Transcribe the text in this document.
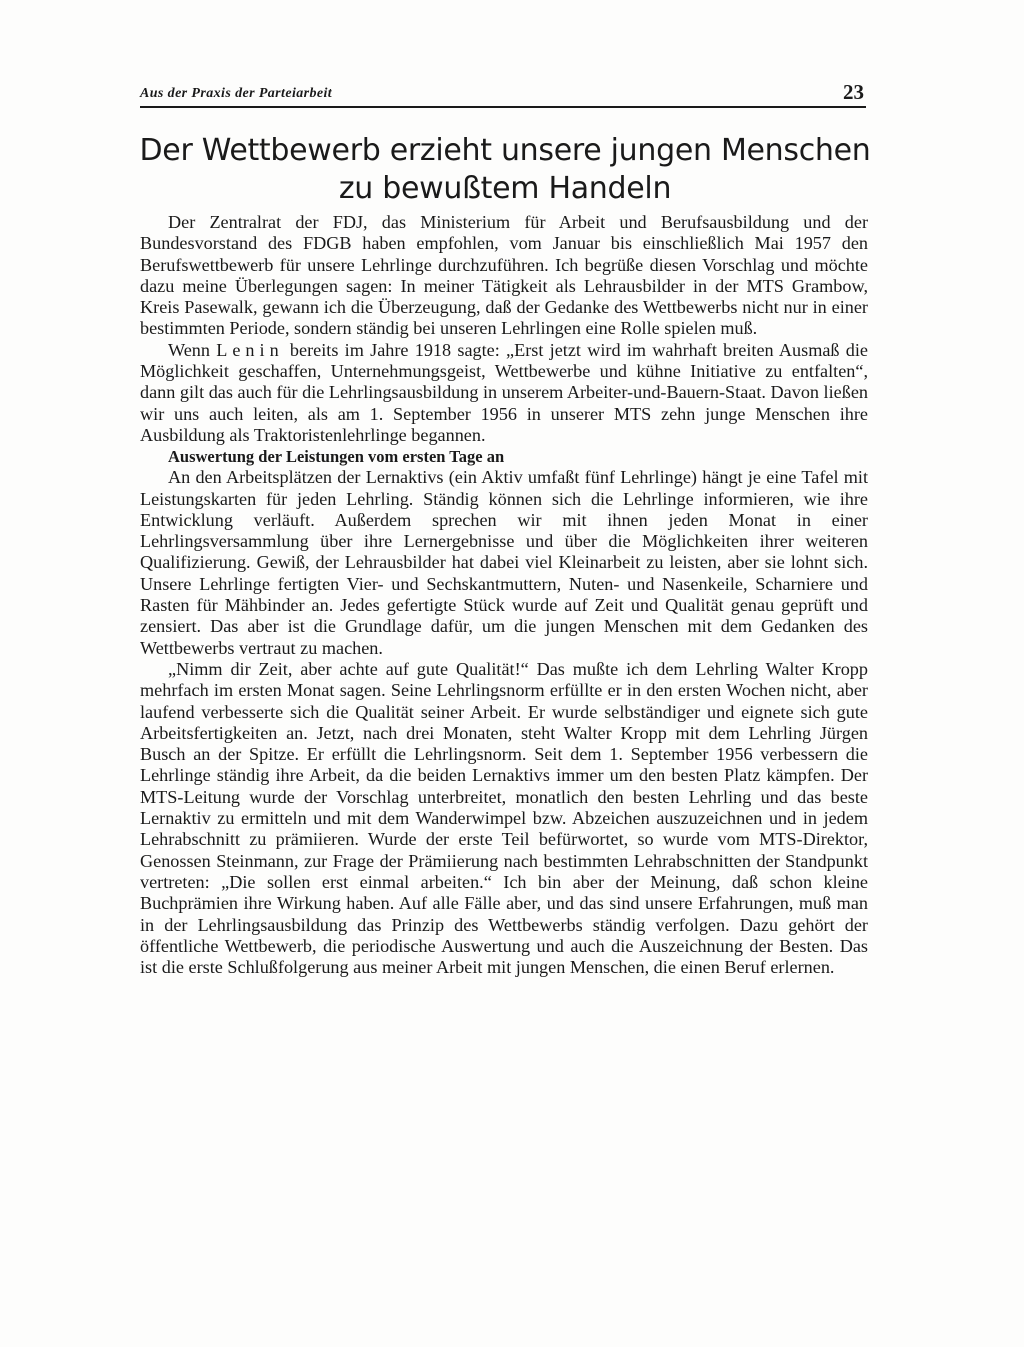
Aus der Praxis der Parteiarbeit	23
Der Wettbewerb erzieht unsere jungen Menschen
zu bewußtem Handeln

Der Zentralrat der FDJ, das Ministerium für Arbeit und Berufsausbildung und der Bundesvorstand des FDGB haben empfohlen, vom Januar bis einschließlich Mai 1957 den Berufswettbewerb für unsere Lehrlinge durchzuführen. Ich begrüße diesen Vorschlag und möchte dazu meine Überlegungen sagen: In meiner Tätigkeit als Lehrausbilder in der MTS Grambow, Kreis Pasewalk, gewann ich die Überzeugung, daß der Gedanke des Wettbewerbs nicht nur in einer bestimmten Periode, sondern ständig bei unseren Lehrlingen eine Rolle spielen muß.

Wenn Lenin bereits im Jahre 1918 sagte: „Erst jetzt wird im wahrhaft breiten Ausmaß die Möglichkeit geschaffen, Unternehmungsgeist, Wettbewerbe und kühne Initiative zu entfalten“, dann gilt das auch für die Lehrlingsausbildung in unserem Arbeiter-und-Bauern-Staat. Davon ließen wir uns auch leiten, als am 1. September 1956 in unserer MTS zehn junge Menschen ihre Ausbildung als Traktoristenlehrlinge begannen.

Auswertung der Leistungen vom ersten Tage an

An den Arbeitsplätzen der Lernaktivs (ein Aktiv umfaßt fünf Lehrlinge) hängt je eine Tafel mit Leistungskarten für jeden Lehrling. Ständig können sich die Lehrlinge informieren, wie ihre Entwicklung verläuft. Außerdem sprechen wir mit ihnen jeden Monat in einer Lehrlingsversammlung über ihre Lernergebnisse und über die Möglichkeiten ihrer weiteren Qualifizierung. Gewiß, der Lehrausbilder hat dabei viel Kleinarbeit zu leisten, aber sie lohnt sich. Unsere Lehrlinge fertigten Vier- und Sechskantmuttern, Nuten- und Nasenkeile, Scharniere und Rasten für Mähbinder an. Jedes gefertigte Stück wurde auf Zeit und Qualität genau geprüft und zensiert. Das aber ist die Grundlage dafür, um die jungen Menschen mit dem Gedanken des Wettbewerbs vertraut zu machen.

„Nimm dir Zeit, aber achte auf gute Qualität!“ Das mußte ich dem Lehrling Walter Kropp mehrfach im ersten Monat sagen. Seine Lehrlingsnorm erfüllte er in den ersten Wochen nicht, aber laufend verbesserte sich die Qualität seiner Arbeit. Er wurde selbständiger und eignete sich gute Arbeitsfertigkeiten an. Jetzt, nach drei Monaten, steht Walter Kropp mit dem Lehrling Jürgen Busch an der Spitze. Er erfüllt die Lehrlingsnorm. Seit dem 1. September 1956 verbessern die Lehrlinge ständig ihre Arbeit, da die beiden Lernaktivs immer um den besten Platz kämpfen. Der MTS-Leitung wurde der Vorschlag unterbreitet, monatlich den besten Lehrling und das beste Lernaktiv zu ermitteln und mit dem Wanderwimpel bzw. Abzeichen auszuzeichnen und in jedem Lehrabschnitt zu prämiieren. Wurde der erste Teil befürwortet, so wurde vom MTS-Direktor, Genossen Steinmann, zur Frage der Prämiierung nach bestimmten Lehrabschnitten der Standpunkt vertreten: „Die sollen erst einmal arbeiten.“ Ich bin aber der Meinung, daß schon kleine Buchprämien ihre Wirkung haben. Auf alle Fälle aber, und das sind unsere Erfahrungen, muß man in der Lehrlingsausbildung das Prinzip des Wettbewerbs ständig verfolgen. Dazu gehört der öffentliche Wettbewerb, die periodische Auswertung und auch die Auszeichnung der Besten. Das ist die erste Schlußfolgerung aus meiner Arbeit mit jungen Menschen, die einen Beruf erlernen.
